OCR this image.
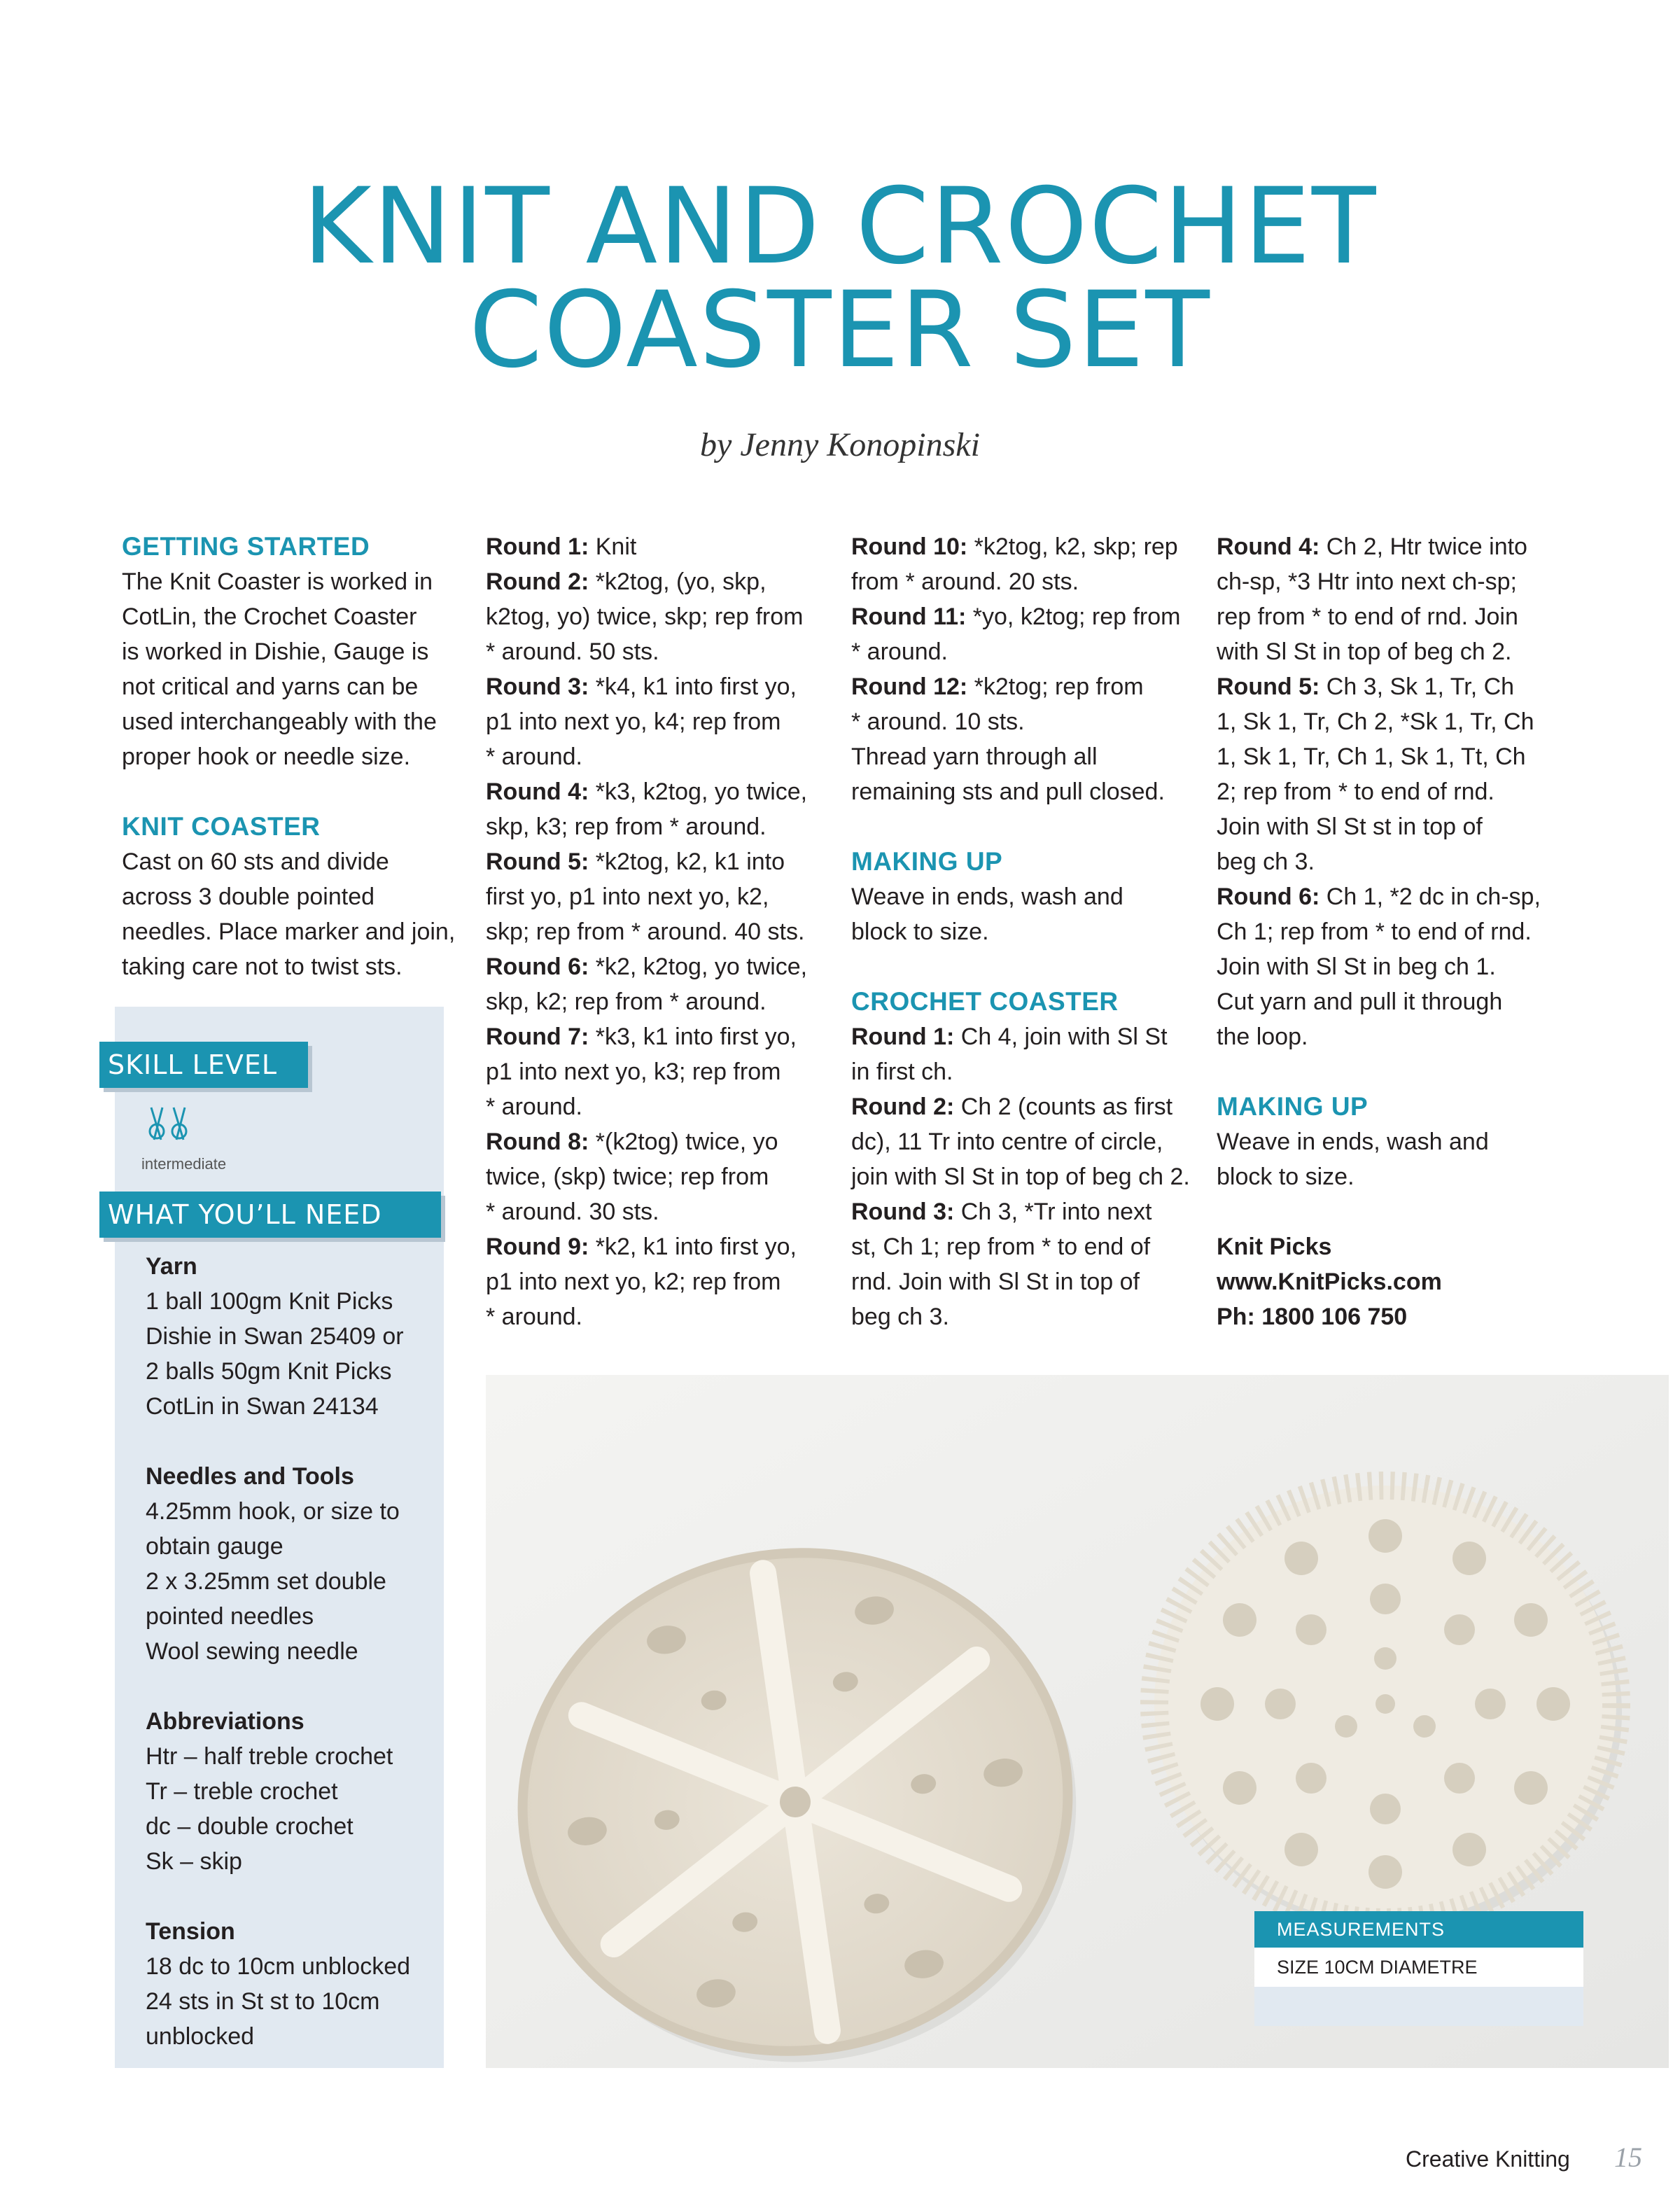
KNIT AND CROCHET
COASTER SET
by Jenny Konopinski

GETTING STARTED

The Knit Coaster is worked in

CotLin, the Crochet Coaster

is worked in Dishie, Gauge is

not critical and yarns can be

used interchangeably with the

proper hook or needle size.

KNIT COASTER

Cast on 60 sts and divide

across 3 double pointed

needles. Place marker and join,

taking care not to twist sts.

SKILL LEVEL
intermediate
WHAT YOU’LL NEED

Yarn

1 ball 100gm Knit Picks

Dishie in Swan 25409 or

2 balls 50gm Knit Picks

CotLin in Swan 24134

Needles and Tools

4.25mm hook, or size to

obtain gauge

2 x 3.25mm set double

pointed needles

Wool sewing needle

Abbreviations

Htr – half treble crochet

Tr – treble crochet

dc – double crochet

Sk – skip

Tension

18 dc to 10cm unblocked

24 sts in St st to 10cm

unblocked

Round 1: Knit

Round 2: *k2tog, (yo, skp,

k2tog, yo) twice, skp; rep from

* around. 50 sts.

Round 3: *k4, k1 into first yo,

p1 into next yo, k4; rep from

* around.

Round 4: *k3, k2tog, yo twice,

skp, k3; rep from * around.

Round 5: *k2tog, k2, k1 into

first yo, p1 into next yo, k2,

skp; rep from * around. 40 sts.

Round 6: *k2, k2tog, yo twice,

skp, k2; rep from * around.

Round 7: *k3, k1 into first yo,

p1 into next yo, k3; rep from

* around.

Round 8: *(k2tog) twice, yo

twice, (skp) twice; rep from

* around. 30 sts.

Round 9: *k2, k1 into first yo,

p1 into next yo, k2; rep from

* around.

Round 10: *k2tog, k2, skp; rep

from * around. 20 sts.

Round 11: *yo, k2tog; rep from

* around.

Round 12: *k2tog; rep from

* around. 10 sts.

Thread yarn through all

remaining sts and pull closed.

MAKING UP

Weave in ends, wash and

block to size.

CROCHET COASTER

Round 1: Ch 4, join with Sl St

in first ch.

Round 2: Ch 2 (counts as first

dc), 11 Tr into centre of circle,

join with Sl St in top of beg ch 2.

Round 3: Ch 3, *Tr into next

st, Ch 1; rep from * to end of

rnd. Join with Sl St in top of

beg ch 3.

Round 4: Ch 2, Htr twice into

ch-sp, *3 Htr into next ch-sp;

rep from * to end of rnd. Join

with Sl St in top of beg ch 2.

Round 5: Ch 3, Sk 1, Tr, Ch

1, Sk 1, Tr, Ch 2, *Sk 1, Tr, Ch

1, Sk 1, Tr, Ch 1, Sk 1, Tt, Ch

2; rep from * to end of rnd.

Join with Sl St st in top of

beg ch 3.

Round 6: Ch 1, *2 dc in ch-sp,

Ch 1; rep from * to end of rnd.

Join with Sl St in beg ch 1.

Cut yarn and pull it through

the loop.

MAKING UP

Weave in ends, wash and

block to size.

Knit Picks

www.KnitPicks.com

Ph: 1800 106 750

MEASUREMENTS
SIZE 10CM DIAMETRE
Creative Knitting 15
